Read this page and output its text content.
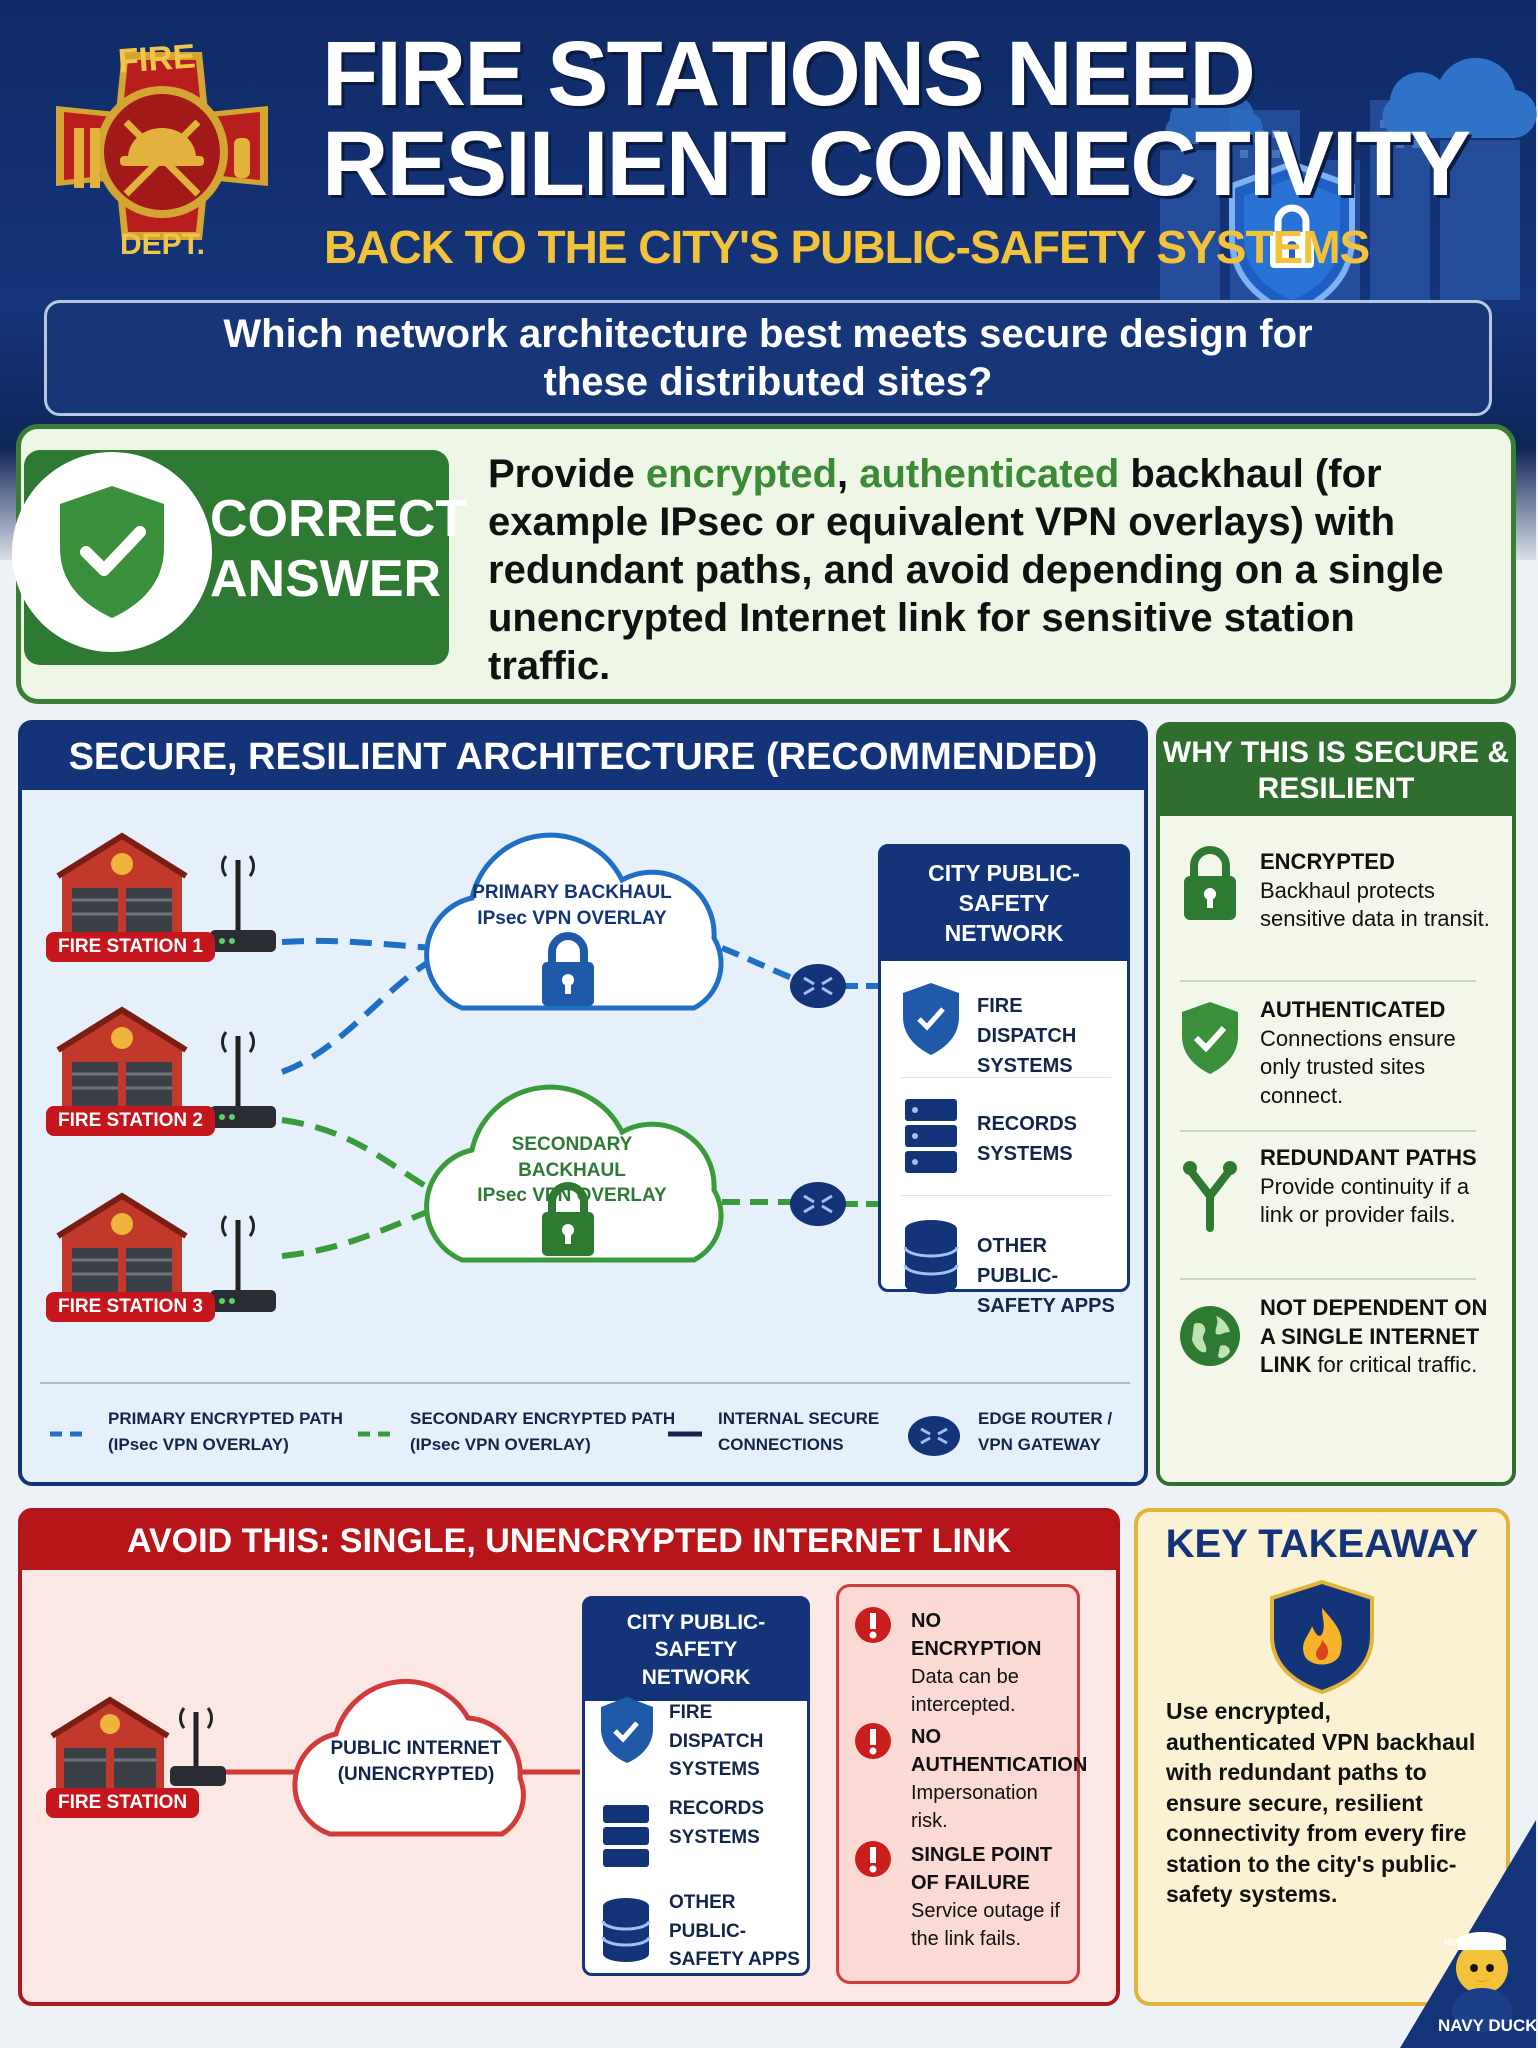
FIRE
DEPT.
FIRE STATIONS NEED
RESILIENT CONNECTIVITY
BACK TO THE CITY'S PUBLIC-SAFETY SYSTEMS
Which network architecture best meets secure design for these distributed sites?
CORRECT
ANSWER
Provide encrypted, authenticated backhaul (for example IPsec or equivalent VPN overlays) with redundant paths, and avoid depending on a single unencrypted Internet link for sensitive station traffic.
SECURE, RESILIENT ARCHITECTURE (RECOMMENDED)
FIRE STATION 1
FIRE STATION 2
FIRE STATION 3
PRIMARY BACKHAUL
IPsec VPN OVERLAY
SECONDARY BACKHAUL
IPsec VPN OVERLAY
CITY PUBLIC-SAFETY
NETWORK
FIRE DISPATCH
SYSTEMS
RECORDS
SYSTEMS
OTHER PUBLIC-
SAFETY APPS
PRIMARY ENCRYPTED PATH
(IPsec VPN OVERLAY)
SECONDARY ENCRYPTED PATH
(IPsec VPN OVERLAY)
INTERNAL SECURE
CONNECTIONS
EDGE ROUTER /
VPN GATEWAY
WHY THIS IS SECURE & RESILIENT
ENCRYPTED
Backhaul protects sensitive data in transit.
AUTHENTICATED
Connections ensure only trusted sites connect.
REDUNDANT PATHS
Provide continuity if a link or provider fails.
NOT DEPENDENT ON A SINGLE INTERNET LINK for critical traffic.
AVOID THIS: SINGLE, UNENCRYPTED INTERNET LINK
FIRE STATION
PUBLIC INTERNET
(UNENCRYPTED)
CITY PUBLIC-SAFETY
NETWORK
FIRE DISPATCH
SYSTEMS
RECORDS
SYSTEMS
OTHER PUBLIC-
SAFETY APPS
NO ENCRYPTION
Data can be intercepted.
NO AUTHENTICATION
Impersonation risk.
SINGLE POINT OF FAILURE
Service outage if the link fails.
KEY TAKEAWAY
Use encrypted, authenticated VPN backhaul with redundant paths to ensure secure, resilient connectivity from every fire station to the city's public-safety systems.
NDY
NAVY DUCK
